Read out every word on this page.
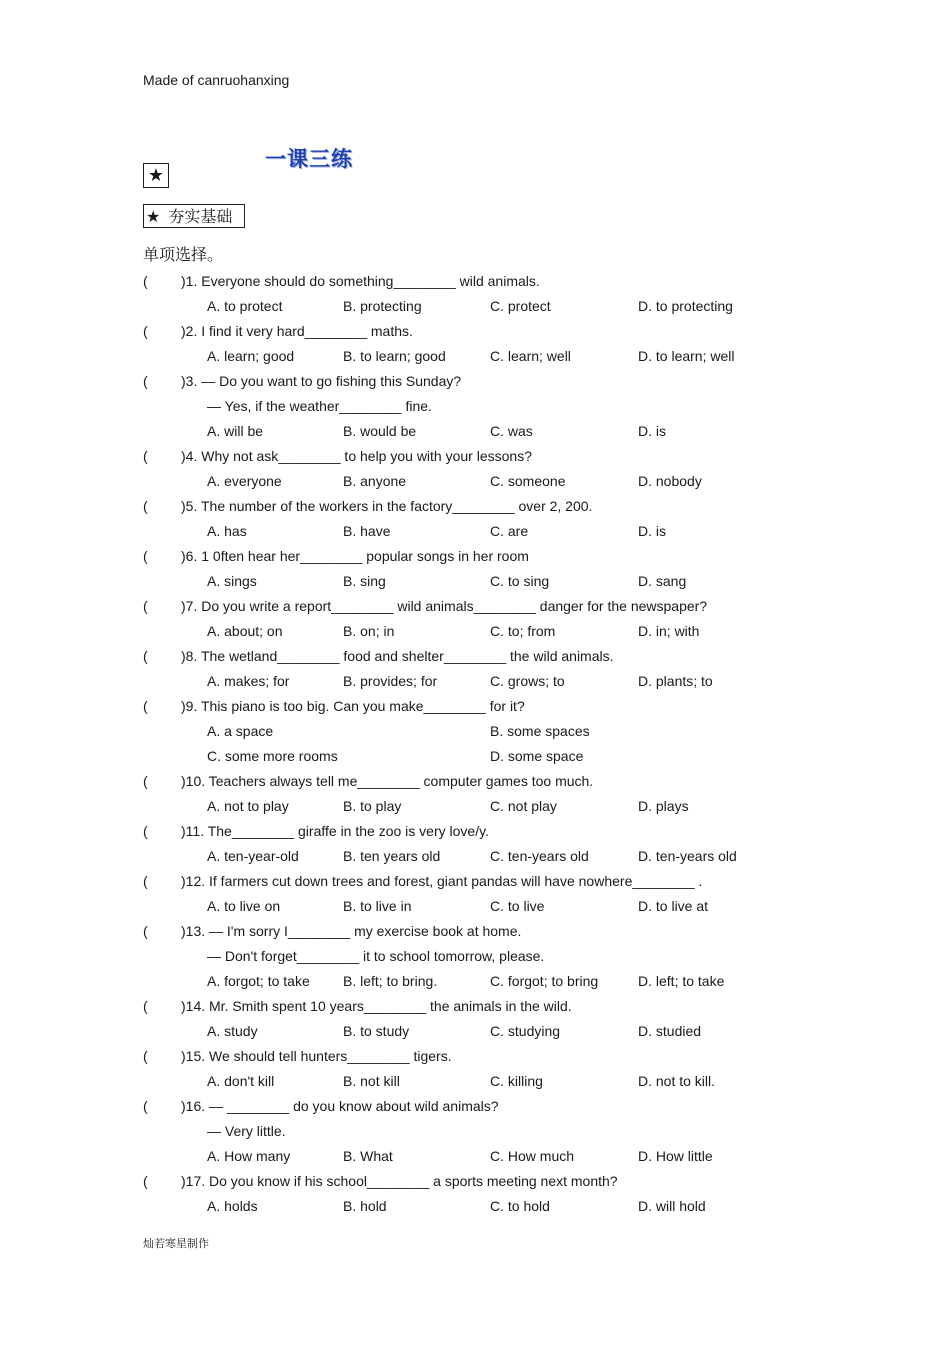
Made of canruohanxing
一课三练
★
★ 夯实基础
单项选择。
( )1. Everyone should do something________ wild animals.
A. to protect	B. protecting	C. protect	D. to protecting
( )2. I find it very hard________ maths.
A. learn; good	B. to learn; good	C. learn; well	D. to learn; well
( )3. — Do you want to go fishing this Sunday?
— Yes, if the weather________ fine.
A. will be	B. would be	C. was	D. is
( )4. Why not ask________ to help you with your lessons?
A. everyone	B. anyone	C. someone	D. nobody
( )5. The number of the workers in the factory________ over 2, 200.
A. has	B. have	C. are	D. is
( )6. 1 0ften hear her________ popular songs in her room
A. sings	B. sing	C. to sing	D. sang
( )7. Do you write a report________ wild animals________ danger for the newspaper?
A. about; on	B. on; in	C. to; from	D. in; with
( )8. The wetland________ food and shelter________ the wild animals.
A. makes; for	B. provides; for	C. grows; to	D. plants; to
( )9. This piano is too big. Can you make________ for it?
A. a space	B. some spaces
C. some more rooms	D. some space
( )10. Teachers always tell me________ computer games too much.
A. not to play	B. to play	C. not play	D. plays
( )11. The________ giraffe in the zoo is very love/y.
A. ten-year-old	B. ten years old	C. ten-years old	D. ten-years old
( )12. If farmers cut down trees and forest, giant pandas will have nowhere________ .
A. to live on	B. to live in	C. to live	D. to live at
( )13. — I'm sorry I________ my exercise book at home.
— Don't forget________ it to school tomorrow, please.
A. forgot; to take B. left; to bring.	C. forgot; to bring	D. left; to take
( )14. Mr. Smith spent 10 years________ the animals in the wild.
A. study	B. to study	C. studying	D. studied
( )15. We should tell hunters________ tigers.
A. don't kill	B. not kill	C. killing	D. not to kill.
( )16. — ________ do you know about wild animals?
— Very little.
A. How many	B. What	C. How much	D. How little
( )17. Do you know if his school________ a sports meeting next month?
A. holds	B. hold	C. to hold	D. will hold
灿若寒星制作
